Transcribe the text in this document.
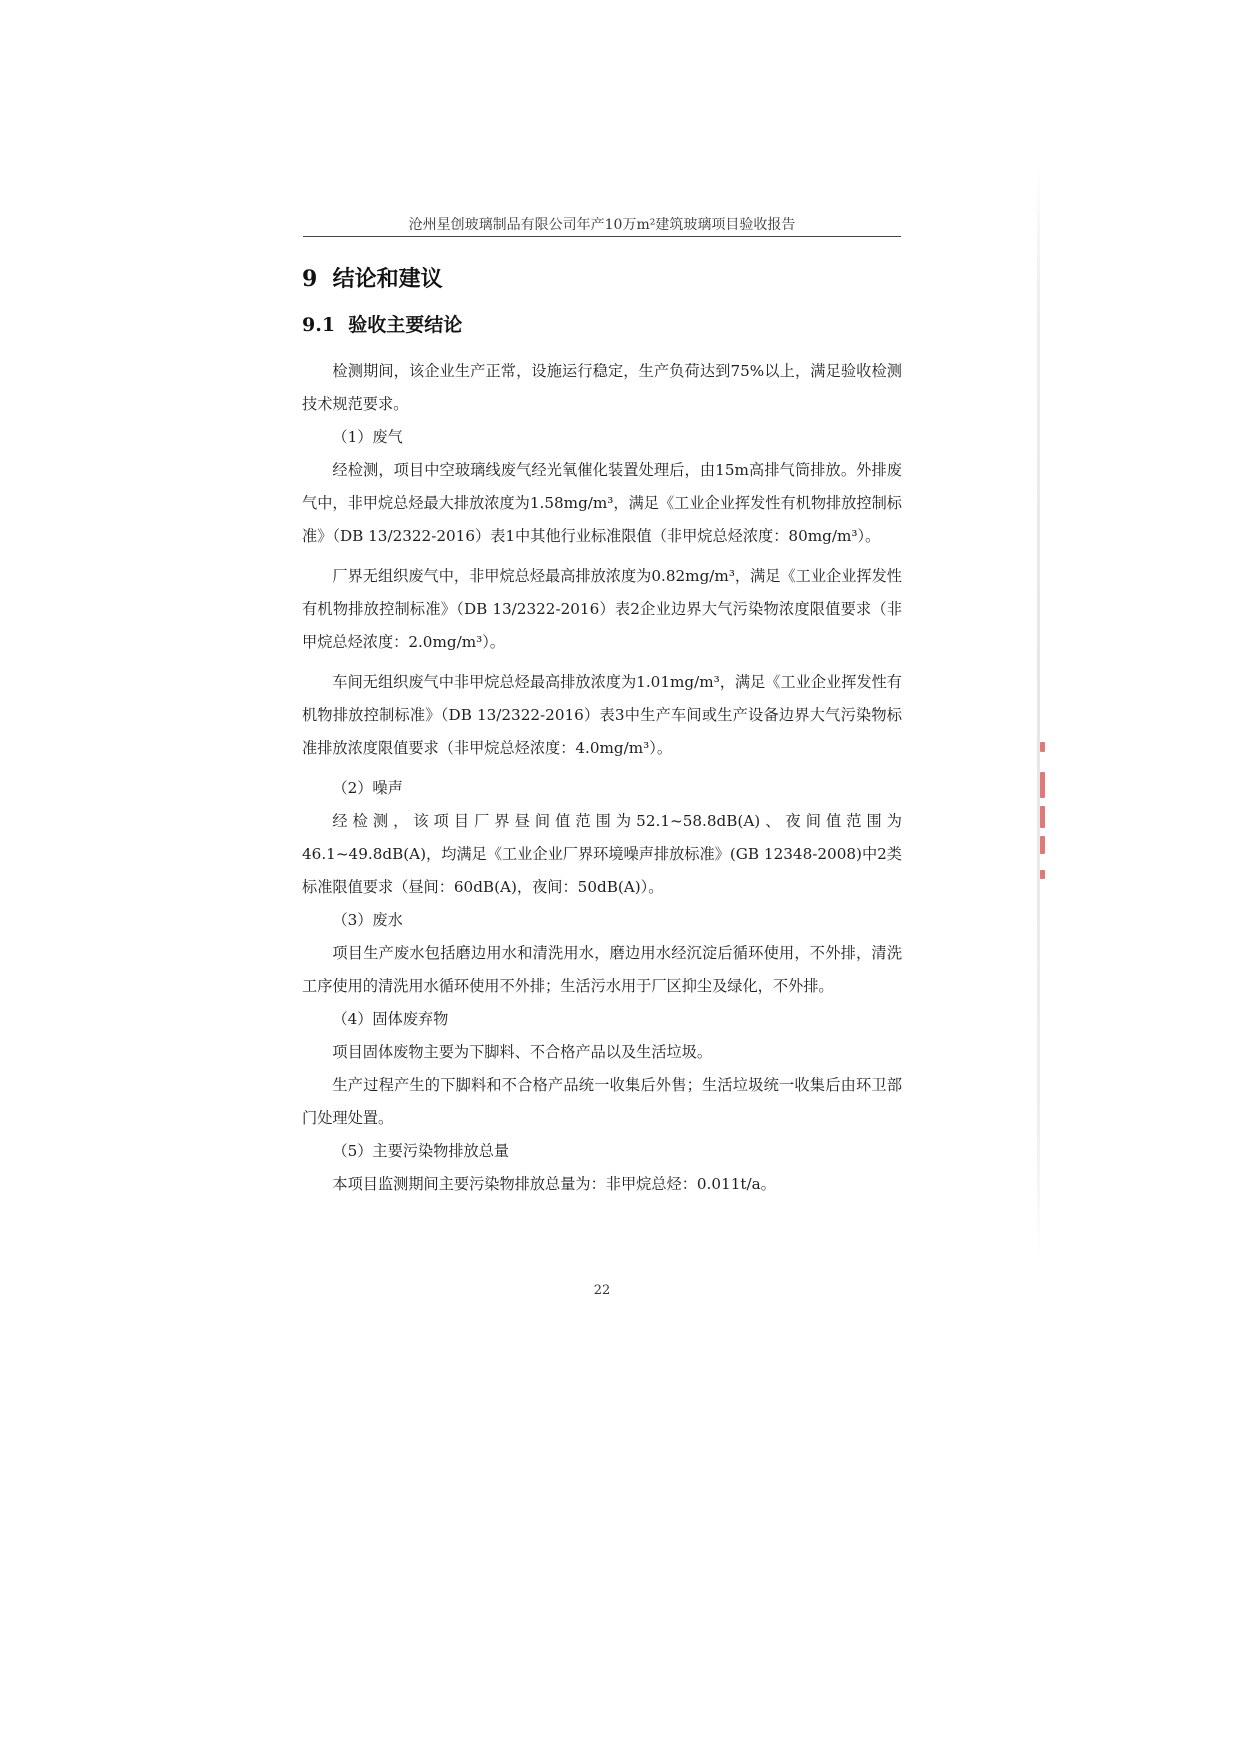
沧州星创玻璃制品有限公司年产10万m²建筑玻璃项目验收报告
9 结论和建议
9.1 验收主要结论

检测期间，该企业生产正常，设施运行稳定，生产负荷达到75%以上，满足验收检测技术规范要求。

（1）废气

经检测，项目中空玻璃线废气经光氧催化装置处理后，由15m高排气筒排放。外排废气中，非甲烷总烃最大排放浓度为1.58mg/m³，满足《工业企业挥发性有机物排放控制标准》（DB 13/2322-2016）表1中其他行业标准限值（非甲烷总烃浓度：80mg/m³）。

厂界无组织废气中，非甲烷总烃最高排放浓度为0.82mg/m³，满足《工业企业挥发性有机物排放控制标准》（DB 13/2322-2016）表2企业边界大气污染物浓度限值要求（非甲烷总烃浓度：2.0mg/m³）。

车间无组织废气中非甲烷总烃最高排放浓度为1.01mg/m³，满足《工业企业挥发性有机物排放控制标准》（DB 13/2322-2016）表3中生产车间或生产设备边界大气污染物标准排放浓度限值要求（非甲烷总烃浓度：4.0mg/m³）。

（2）噪声

经检测，该项目厂界昼间值范围为52.1~58.8dB(A)、夜间值范围为46.1~49.8dB(A)，均满足《工业企业厂界环境噪声排放标准》(GB 12348-2008)中2类标准限值要求（昼间：60dB(A)，夜间：50dB(A)）。

（3）废水

项目生产废水包括磨边用水和清洗用水，磨边用水经沉淀后循环使用，不外排，清洗工序使用的清洗用水循环使用不外排；生活污水用于厂区抑尘及绿化，不外排。

（4）固体废弃物

项目固体废物主要为下脚料、不合格产品以及生活垃圾。

生产过程产生的下脚料和不合格产品统一收集后外售；生活垃圾统一收集后由环卫部门处理处置。

（5）主要污染物排放总量

本项目监测期间主要污染物排放总量为：非甲烷总烃：0.011t/a。

22
